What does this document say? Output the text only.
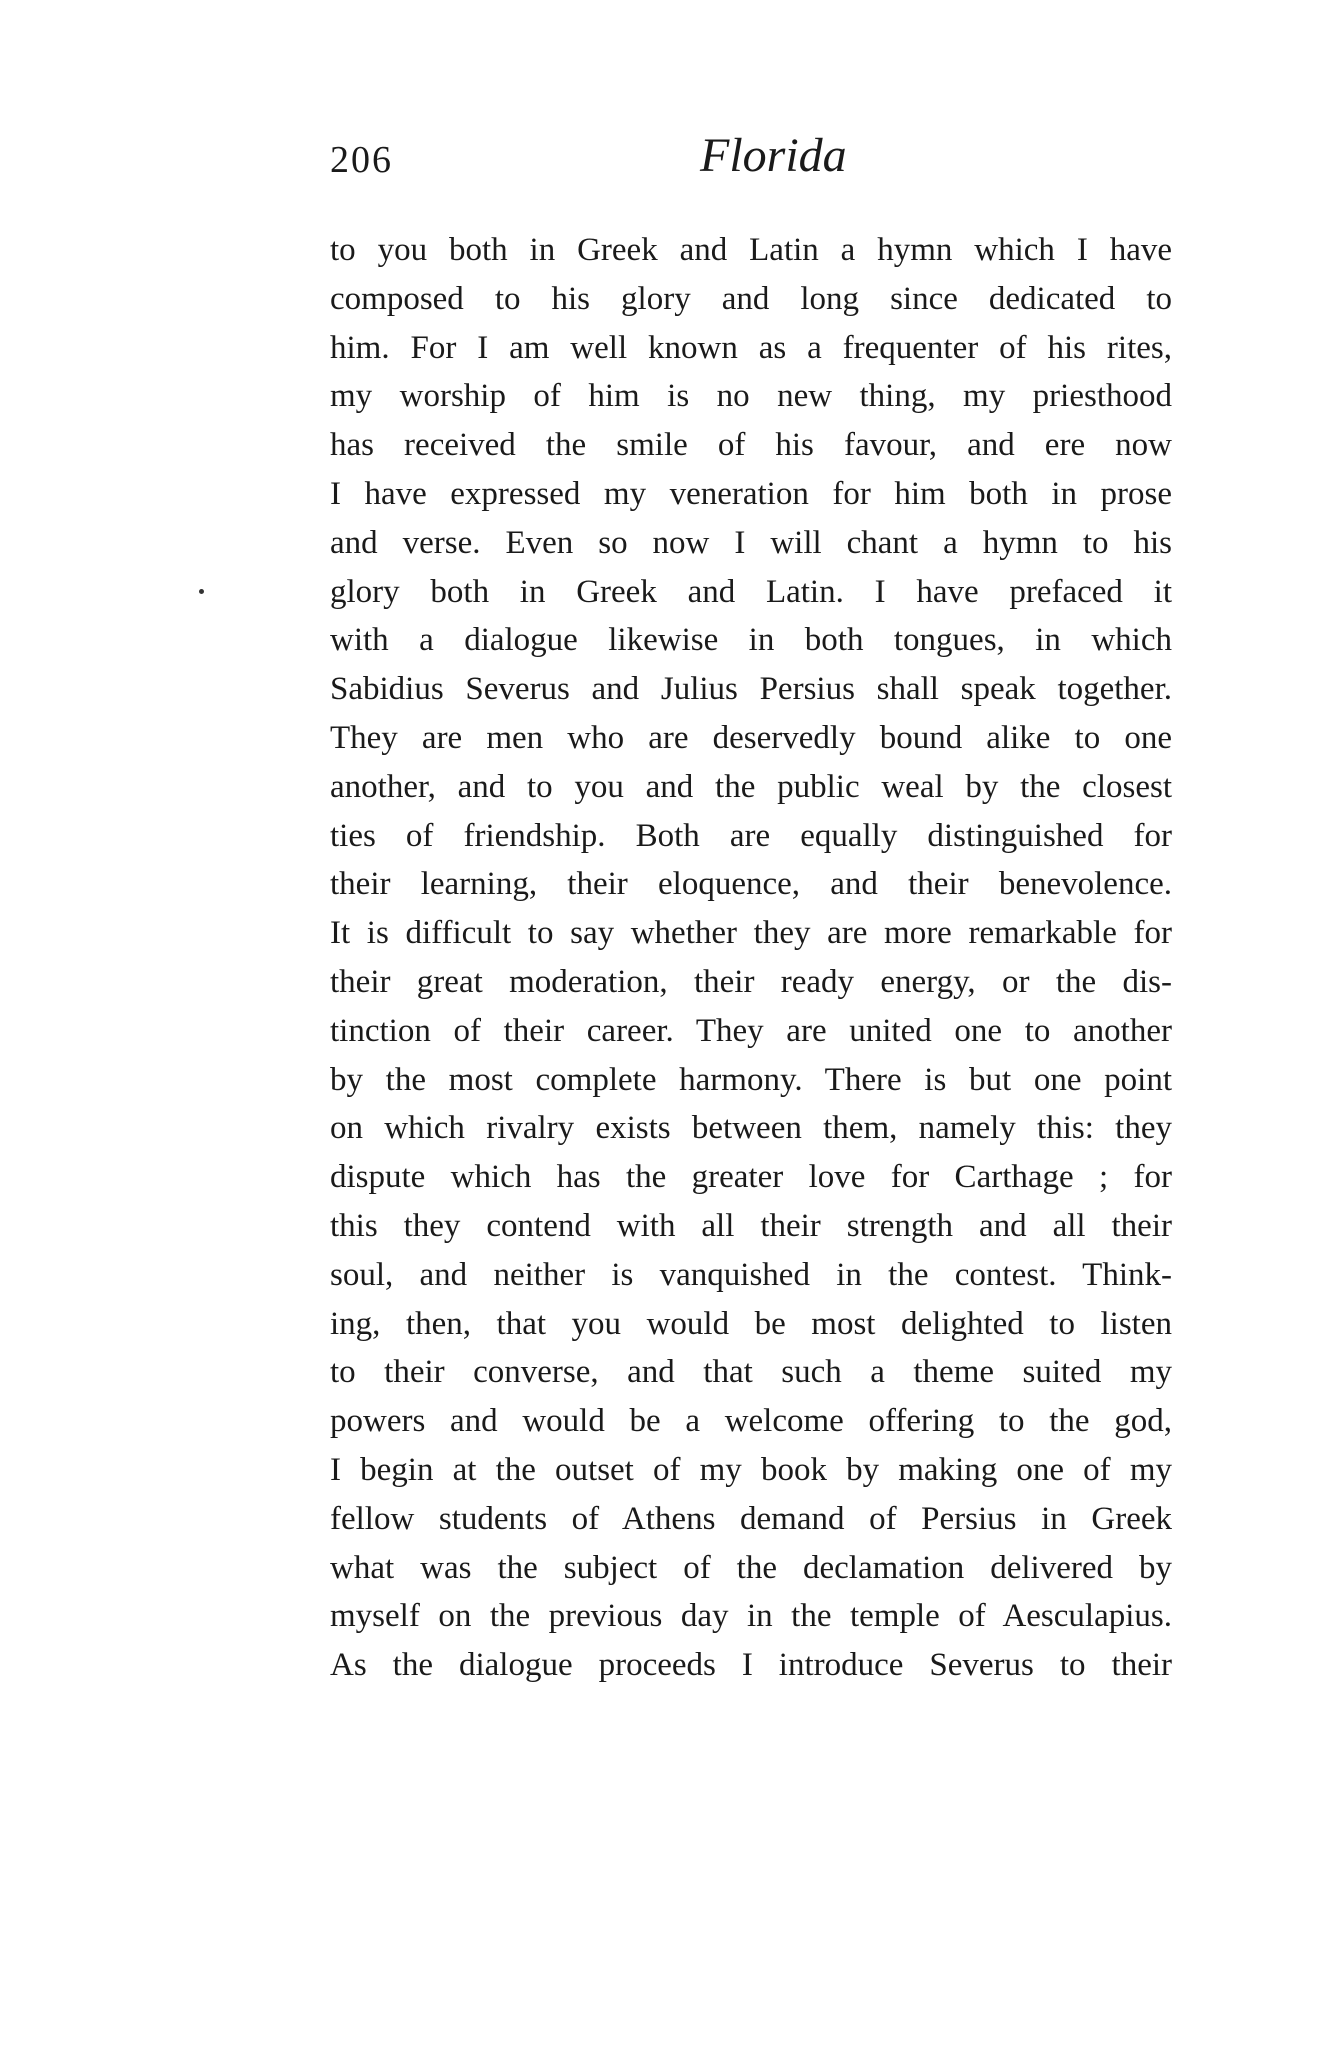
206	Florida
to you both in Greek and Latin a hymn which I have
composed to his glory and long since dedicated to
him. For I am well known as a frequenter of his rites,
my worship of him is no new thing, my priesthood
has received the smile of his favour, and ere now
I have expressed my veneration for him both in prose
and verse. Even so now I will chant a hymn to his
glory both in Greek and Latin. I have prefaced it
with a dialogue likewise in both tongues, in which
Sabidius Severus and Julius Persius shall speak together.
They are men who are deservedly bound alike to one
another, and to you and the public weal by the closest
ties of friendship. Both are equally distinguished for
their learning, their eloquence, and their benevolence.
It is difficult to say whether they are more remarkable for
their great moderation, their ready energy, or the dis-
tinction of their career. They are united one to another
by the most complete harmony. There is but one point
on which rivalry exists between them, namely this: they
dispute which has the greater love for Carthage ; for
this they contend with all their strength and all their
soul, and neither is vanquished in the contest. Think-
ing, then, that you would be most delighted to listen
to their converse, and that such a theme suited my
powers and would be a welcome offering to the god,
I begin at the outset of my book by making one of my
fellow students of Athens demand of Persius in Greek
what was the subject of the declamation delivered by
myself on the previous day in the temple of Aesculapius.
As the dialogue proceeds I introduce Severus to their
